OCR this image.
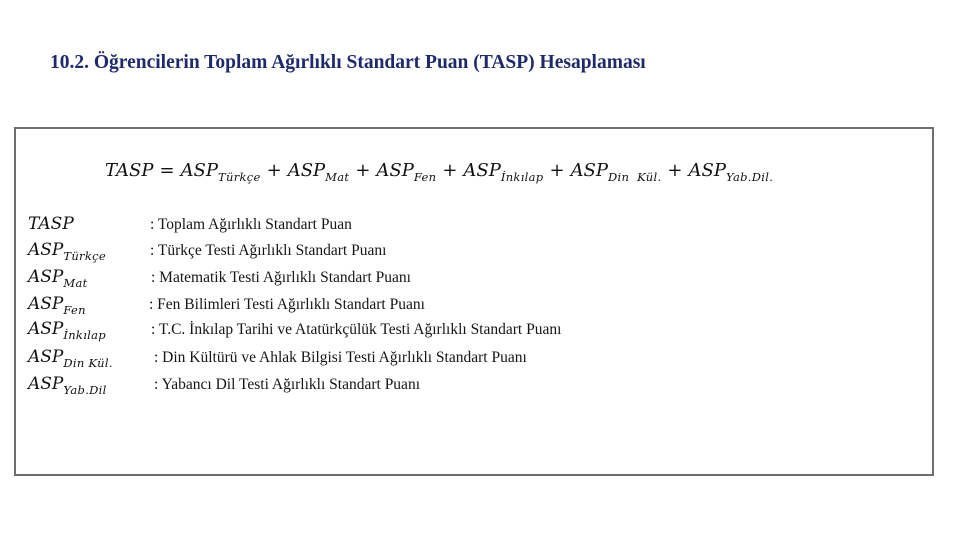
10.2. Öğrencilerin Toplam Ağırlıklı Standart Puan (TASP) Hesaplaması
TASP = $ASP_{Türkçe} + ASP_{Mat} + ASP_{Fen} + ASP_{İnkılap} + ASP_{Din Kül.} + ASP_{Yab.Dil.}$
TASP	: Toplam Ağırlıklı Standart Puan
$ASP_{Türkçe}$	: Türkçe Testi Ağırlıklı Standart Puanı
$ASP_{Mat}$	: Matematik Testi Ağırlıklı Standart Puanı
$ASP_{Fen}$	: Fen Bilimleri Testi Ağırlıklı Standart Puanı
$ASP_{İnkılap}$	: T.C. İnkılap Tarihi ve Atatürkçülük Testi Ağırlıklı Standart Puanı
$ASP_{Din Kül.}$	: Din Kültürü ve Ahlak Bilgisi Testi Ağırlıklı Standart Puanı
$ASP_{Yab.Dil}$	: Yabancı Dil Testi Ağırlıklı Standart Puanı
